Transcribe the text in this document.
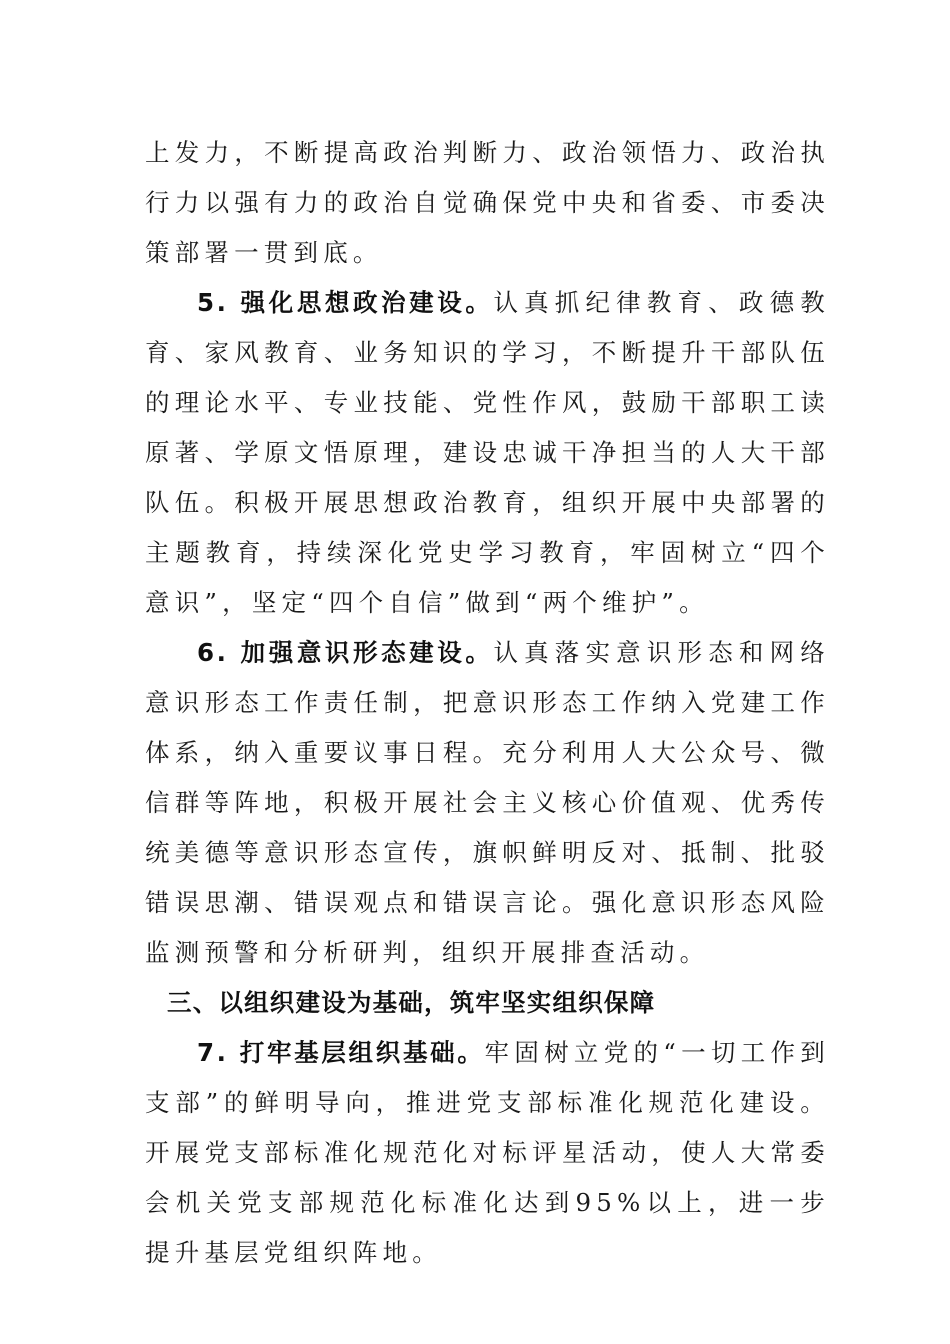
上发力，不断提高政治判断力、政治领悟力、政治执行力以强有力的政治自觉确保党中央和省委、市委决策部署一贯到底。

5. 强化思想政治建设。认真抓纪律教育、政德教育、家风教育、业务知识的学习，不断提升干部队伍的理论水平、专业技能、党性作风，鼓励干部职工读原著、学原文悟原理，建设忠诚干净担当的人大干部队伍。积极开展思想政治教育，组织开展中央部署的主题教育，持续深化党史学习教育，牢固树立“四个意识”，坚定“四个自信”做到“两个维护”。

6. 加强意识形态建设。认真落实意识形态和网络意识形态工作责任制，把意识形态工作纳入党建工作体系，纳入重要议事日程。充分利用人大公众号、微信群等阵地，积极开展社会主义核心价值观、优秀传统美德等意识形态宣传，旗帜鲜明反对、抵制、批驳错误思潮、错误观点和错误言论。强化意识形态风险监测预警和分析研判，组织开展排查活动。

三、以组织建设为基础，筑牢坚实组织保障

7. 打牢基层组织基础。牢固树立党的“一切工作到支部”的鲜明导向，推进党支部标准化规范化建设。开展党支部标准化规范化对标评星活动，使人大常委会机关党支部规范化标准化达到95%以上，进一步提升基层党组织阵地。
